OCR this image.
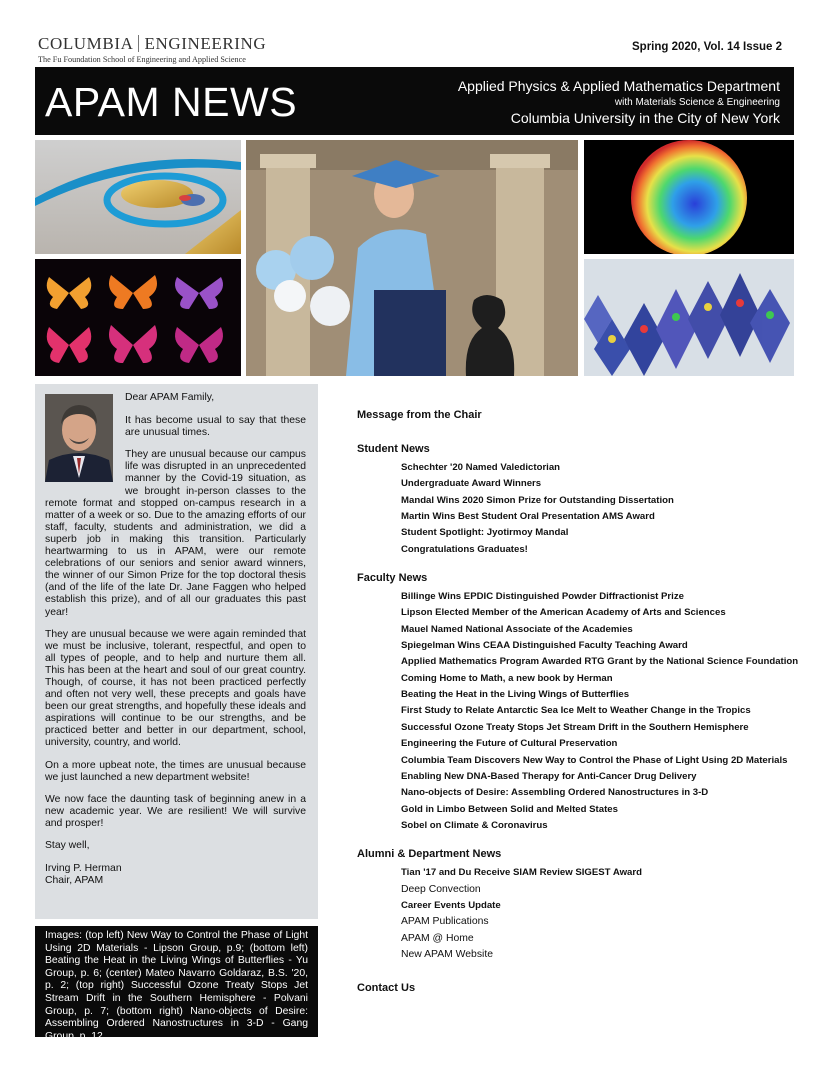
COLUMBIA ENGINEERING
The Fu Foundation School of Engineering and Applied Science
Spring 2020, Vol. 14 Issue 2
APAM NEWS	Applied Physics & Applied Mathematics Department
with Materials Science & Engineering
Columbia University in the City of New York

Dear APAM Family,

It has become usual to say that these are unusual times.

They are unusual because our campus life was disrupted in an unprecedented manner by the Covid-19 situation, as we brought in-person classes to the remote format and stopped on-campus research in a matter of a week or so. Due to the amazing efforts of our staff, faculty, students and administration, we did a superb job in making this transition. Particularly heartwarming to us in APAM, were our remote celebrations of our seniors and senior award winners, the winner of our Simon Prize for the top doctoral thesis (and of the life of the late Dr. Jane Faggen who helped establish this prize), and of all our graduates this past year!

They are unusual because we were again reminded that we must be inclusive, tolerant, respectful, and open to all types of people, and to help and nurture them all. This has been at the heart and soul of our great country. Though, of course, it has not been practiced perfectly and often not very well, these precepts and goals have been our great strengths, and hopefully these ideals and aspirations will continue to be our strengths, and be practiced better and better in our department, school, university, country, and world.

On a more upbeat note, the times are unusual because we just launched a new department website!

We now face the daunting task of beginning anew in a new academic year. We are resilient! We will survive and prosper!

Stay well,

Irving P. Herman

Chair, APAM

Images: (top left) New Way to Control the Phase of Light Using 2D Materials - Lipson Group, p.9; (bottom left) Beating the Heat in the Living Wings of Butterflies - Yu Group, p. 6; (center) Mateo Navarro Goldaraz, B.S. '20, p. 2; (top right) Successful Ozone Treaty Stops Jet Stream Drift in the Southern Hemisphere - Polvani Group, p. 7; (bottom right) Nano-objects of Desire: Assembling Ordered Nanostructures in 3-D - Gang Group, p. 12
Message from the Chair
Student News
Schechter '20 Named Valedictorian
Undergraduate Award Winners
Mandal Wins 2020 Simon Prize for Outstanding Dissertation
Martin Wins Best Student Oral Presentation AMS Award
Student Spotlight: Jyotirmoy Mandal
Congratulations Graduates!
Faculty News
Billinge Wins EPDIC Distinguished Powder Diffractionist Prize
Lipson Elected Member of the American Academy of Arts and Sciences
Mauel Named National Associate of the Academies
Spiegelman Wins CEAA Distinguished Faculty Teaching Award
Applied Mathematics Program Awarded RTG Grant by the National Science Foundation
Coming Home to Math, a new book by Herman
Beating the Heat in the Living Wings of Butterflies
First Study to Relate Antarctic Sea Ice Melt to Weather Change in the Tropics
Successful Ozone Treaty Stops Jet Stream Drift in the Southern Hemisphere
Engineering the Future of Cultural Preservation
Columbia Team Discovers New Way to Control the Phase of Light Using 2D Materials
Enabling New DNA-Based Therapy for Anti-Cancer Drug Delivery
Nano-objects of Desire: Assembling Ordered Nanostructures in 3-D
Gold in Limbo Between Solid and Melted States
Sobel on Climate & Coronavirus
Alumni & Department News
Tian '17 and Du Receive SIAM Review SIGEST Award
Deep Convection
Career Events Update
APAM Publications
APAM @ Home
New APAM Website
Contact Us
